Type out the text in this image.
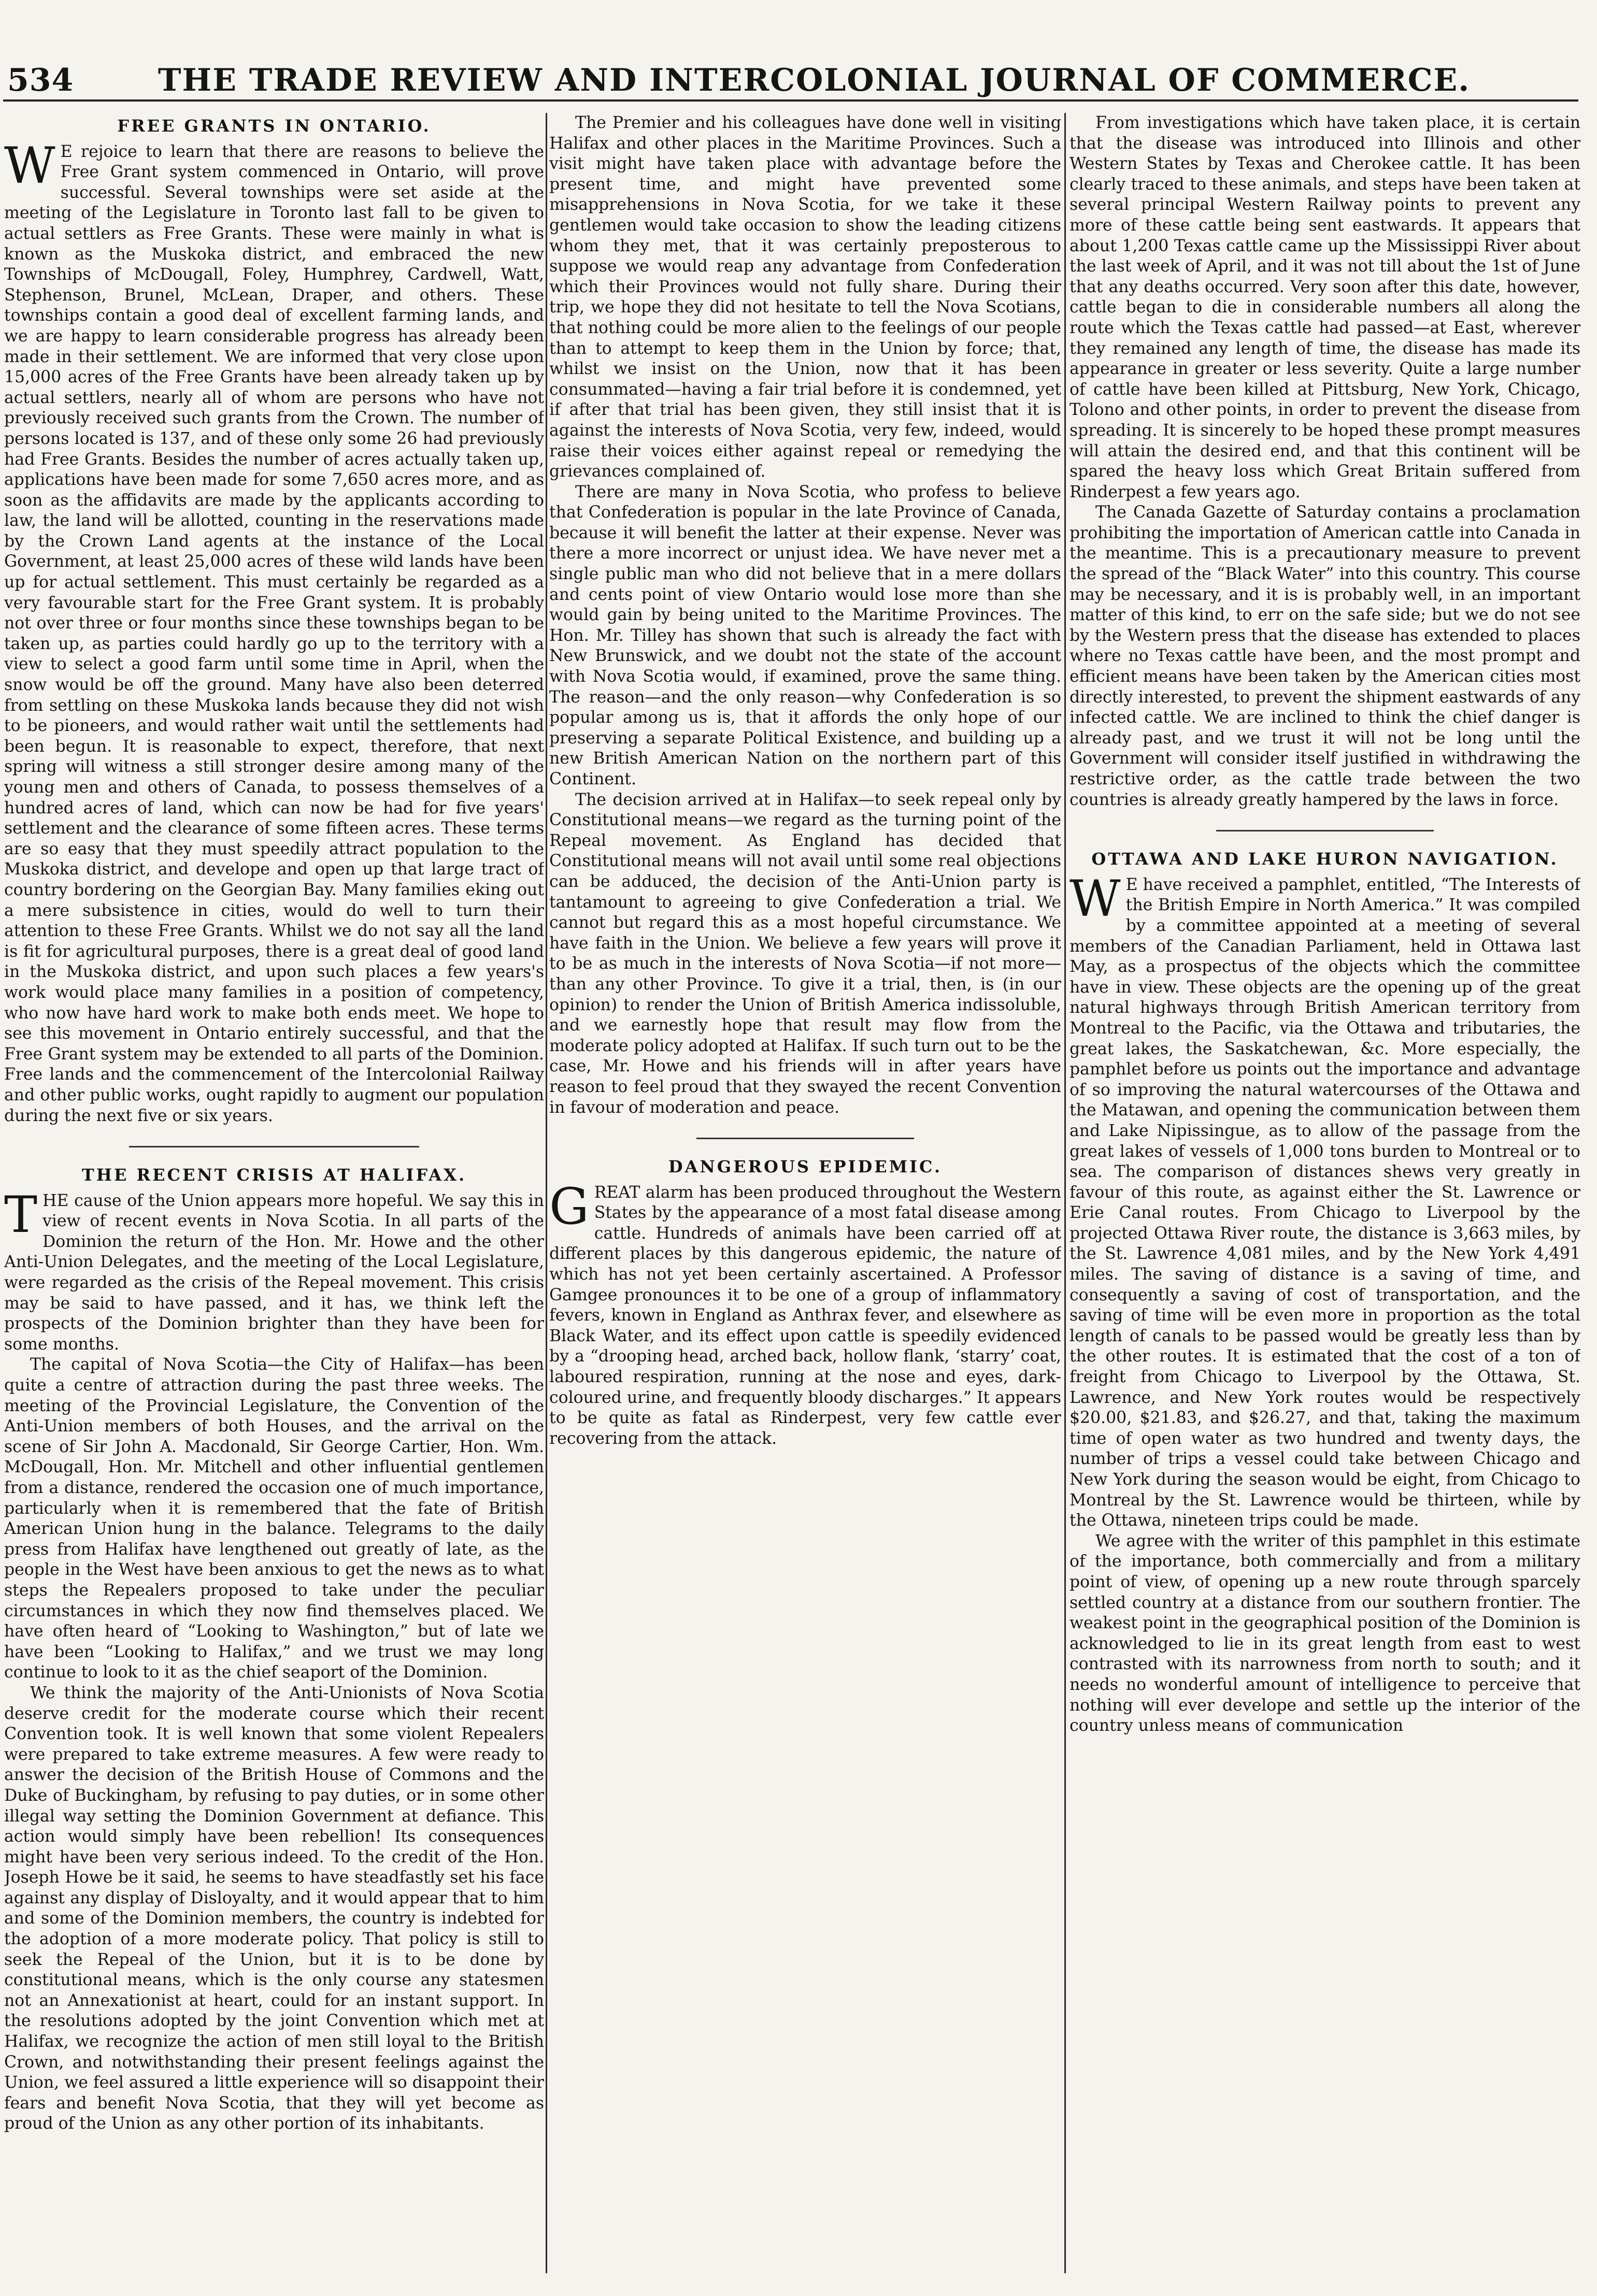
534	THE TRADE REVIEW AND INTERCOLONIAL JOURNAL OF COMMERCE.
FREE GRANTS IN ONTARIO.

W E rejoice to learn that there are reasons to believe the Free Grant system commenced in Ontario, will prove successful. Several townships were set aside at the meeting of the Legislature in Toronto last fall to be given to actual settlers as Free Grants. These were mainly in what is known as the Muskoka district, and embraced the new Townships of McDougall, Foley, Humphrey, Cardwell, Watt, Stephenson, Brunel, McLean, Draper, and others. These townships contain a good deal of excellent farming lands, and we are happy to learn considerable progress has already been made in their settlement. We are informed that very close upon 15,000 acres of the Free Grants have been already taken up by actual settlers, nearly all of whom are persons who have not previously received such grants from the Crown. The number of persons located is 137, and of these only some 26 had previously had Free Grants. Besides the number of acres actually taken up, applications have been made for some 7,650 acres more, and as soon as the affidavits are made by the applicants according to law, the land will be allotted, counting in the reservations made by the Crown Land agents at the instance of the Local Government, at least 25,000 acres of these wild lands have been up for actual settlement. This must certainly be regarded as a very favourable start for the Free Grant system. It is probably not over three or four months since these townships began to be taken up, as parties could hardly go up to the territory with a view to select a good farm until some time in April, when the snow would be off the ground. Many have also been deterred from settling on these Muskoka lands because they did not wish to be pioneers, and would rather wait until the settlements had been begun. It is reasonable to expect, therefore, that next spring will witness a still stronger desire among many of the young men and others of Canada, to possess themselves of a hundred acres of land, which can now be had for five years' settlement and the clearance of some fifteen acres. These terms are so easy that they must speedily attract population to the Muskoka district, and develope and open up that large tract of country bordering on the Georgian Bay. Many families eking out a mere subsistence in cities, would do well to turn their attention to these Free Grants. Whilst we do not say all the land is fit for agricultural purposes, there is a great deal of good land in the Muskoka district, and upon such places a few years's work would place many families in a position of competency, who now have hard work to make both ends meet. We hope to see this movement in Ontario entirely successful, and that the Free Grant system may be extended to all parts of the Dominion. Free lands and the commencement of the Intercolonial Railway and other public works, ought rapidly to augment our population during the next five or six years.

THE RECENT CRISIS AT HALIFAX.

THE cause of the Union appears more hopeful. We say this in view of recent events in Nova Scotia. In all parts of the Dominion the return of the Hon. Mr. Howe and the other Anti-Union Delegates, and the meeting of the Local Legislature, were regarded as the crisis of the Repeal movement. This crisis may be said to have passed, and it has, we think left the prospects of the Dominion brighter than they have been for some months.

The capital of Nova Scotia—the City of Halifax—has been quite a centre of attraction during the past three weeks. The meeting of the Provincial Legislature, the Convention of the Anti-Union members of both Houses, and the arrival on the scene of Sir John A. Macdonald, Sir George Cartier, Hon. Wm. McDougall, Hon. Mr. Mitchell and other influential gentlemen from a distance, rendered the occasion one of much importance, particularly when it is remembered that the fate of British American Union hung in the balance. Telegrams to the daily press from Halifax have lengthened out greatly of late, as the people in the West have been anxious to get the news as to what steps the Repealers proposed to take under the peculiar circumstances in which they now find themselves placed. We have often heard of “Looking to Washington,” but of late we have been “Looking to Halifax,” and we trust we may long continue to look to it as the chief seaport of the Dominion.

We think the majority of the Anti-Unionists of Nova Scotia deserve credit for the moderate course which their recent Convention took. It is well known that some violent Repealers were prepared to take extreme measures. A few were ready to answer the decision of the British House of Commons and the Duke of Buckingham, by refusing to pay duties, or in some other illegal way setting the Dominion Government at defiance. This action would simply have been rebellion! Its consequences might have been very serious indeed. To the credit of the Hon. Joseph Howe be it said, he seems to have steadfastly set his face against any display of Disloyalty, and it would appear that to him and some of the Dominion members, the country is indebted for the adoption of a more moderate policy. That policy is still to seek the Repeal of the Union, but it is to be done by constitutional means, which is the only course any statesmen not an Annexationist at heart, could for an instant support. In the resolutions adopted by the joint Convention which met at Halifax, we recognize the action of men still loyal to the British Crown, and notwithstanding their present feelings against the Union, we feel assured a little experience will so disappoint their fears and benefit Nova Scotia, that they will yet become as proud of the Union as any other portion of its inhabitants.

The Premier and his colleagues have done well in visiting Halifax and other places in the Maritime Provinces. Such a visit might have taken place with advantage before the present time, and might have prevented some misapprehensions in Nova Scotia, for we take it these gentlemen would take occasion to show the leading citizens whom they met, that it was certainly preposterous to suppose we would reap any advantage from Confederation which their Provinces would not fully share. During their trip, we hope they did not hesitate to tell the Nova Scotians, that nothing could be more alien to the feelings of our people than to attempt to keep them in the Union by force; that, whilst we insist on the Union, now that it has been consummated—having a fair trial before it is condemned, yet if after that trial has been given, they still insist that it is against the interests of Nova Scotia, very few, indeed, would raise their voices either against repeal or remedying the grievances complained of.

There are many in Nova Scotia, who profess to believe that Confederation is popular in the late Province of Canada, because it will benefit the latter at their expense. Never was there a more incorrect or unjust idea. We have never met a single public man who did not believe that in a mere dollars and cents point of view Ontario would lose more than she would gain by being united to the Maritime Provinces. The Hon. Mr. Tilley has shown that such is already the fact with New Brunswick, and we doubt not the state of the account with Nova Scotia would, if examined, prove the same thing. The reason—and the only reason—why Confederation is so popular among us is, that it affords the only hope of our preserving a separate Political Existence, and building up a new British American Nation on the northern part of this Continent.

The decision arrived at in Halifax—to seek repeal only by Constitutional means—we regard as the turning point of the Repeal movement. As England has decided that Constitutional means will not avail until some real objections can be adduced, the decision of the Anti-Union party is tantamount to agreeing to give Confederation a trial. We cannot but regard this as a most hopeful circumstance. We have faith in the Union. We believe a few years will prove it to be as much in the interests of Nova Scotia—if not more—than any other Province. To give it a trial, then, is (in our opinion) to render the Union of British America indissoluble, and we earnestly hope that result may flow from the moderate policy adopted at Halifax. If such turn out to be the case, Mr. Howe and his friends will in after years have reason to feel proud that they swayed the recent Convention in favour of moderation and peace.

DANGEROUS EPIDEMIC.

GREAT alarm has been produced throughout the Western States by the appearance of a most fatal disease among cattle. Hundreds of animals have been carried off at different places by this dangerous epidemic, the nature of which has not yet been certainly ascertained. A Professor Gamgee pronounces it to be one of a group of inflammatory fevers, known in England as Anthrax fever, and elsewhere as Black Water, and its effect upon cattle is speedily evidenced by a “drooping head, arched back, hollow flank, ‘starry’ coat, laboured respiration, running at the nose and eyes, dark-coloured urine, and frequently bloody discharges.” It appears to be quite as fatal as Rinderpest, very few cattle ever recovering from the attack.

From investigations which have taken place, it is certain that the disease was introduced into Illinois and other Western States by Texas and Cherokee cattle. It has been clearly traced to these animals, and steps have been taken at several principal Western Railway points to prevent any more of these cattle being sent eastwards. It appears that about 1,200 Texas cattle came up the Mississippi River about the last week of April, and it was not till about the 1st of June that any deaths occurred. Very soon after this date, however, cattle began to die in considerable numbers all along the route which the Texas cattle had passed—at East, wherever they remained any length of time, the disease has made its appearance in greater or less severity. Quite a large number of cattle have been killed at Pittsburg, New York, Chicago, Tolono and other points, in order to prevent the disease from spreading. It is sincerely to be hoped these prompt measures will attain the desired end, and that this continent will be spared the heavy loss which Great Britain suffered from Rinderpest a few years ago.

The Canada Gazette of Saturday contains a proclamation prohibiting the importation of American cattle into Canada in the meantime. This is a precautionary measure to prevent the spread of the “Black Water” into this country. This course may be necessary, and it is is probably well, in an important matter of this kind, to err on the safe side; but we do not see by the Western press that the disease has extended to places where no Texas cattle have been, and the most prompt and efficient means have been taken by the American cities most directly interested, to prevent the shipment eastwards of any infected cattle. We are inclined to think the chief danger is already past, and we trust it will not be long until the Government will consider itself justified in withdrawing the restrictive order, as the cattle trade between the two countries is already greatly hampered by the laws in force.

OTTAWA AND LAKE HURON NAVIGATION.

W E have received a pamphlet, entitled, “The Interests of the British Empire in North America.” It was compiled by a committee appointed at a meeting of several members of the Canadian Parliament, held in Ottawa last May, as a prospectus of the objects which the committee have in view. These objects are the opening up of the great natural highways through British American territory from Montreal to the Pacific, via the Ottawa and tributaries, the great lakes, the Saskatchewan, &c. More especially, the pamphlet before us points out the importance and advantage of so improving the natural watercourses of the Ottawa and the Matawan, and opening the communication between them and Lake Nipissingue, as to allow of the passage from the great lakes of vessels of 1,000 tons burden to Montreal or to sea. The comparison of distances shews very greatly in favour of this route, as against either the St. Lawrence or Erie Canal routes. From Chicago to Liverpool by the projected Ottawa River route, the distance is 3,663 miles, by the St. Lawrence 4,081 miles, and by the New York 4,491 miles. The saving of distance is a saving of time, and consequently a saving of cost of transportation, and the saving of time will be even more in proportion as the total length of canals to be passed would be greatly less than by the other routes. It is estimated that the cost of a ton of freight from Chicago to Liverpool by the Ottawa, St. Lawrence, and New York routes would be respectively $20.00, $21.83, and $26.27, and that, taking the maximum time of open water as two hundred and twenty days, the number of trips a vessel could take between Chicago and New York during the season would be eight, from Chicago to Montreal by the St. Lawrence would be thirteen, while by the Ottawa, nineteen trips could be made.

We agree with the writer of this pamphlet in this estimate of the importance, both commercially and from a military point of view, of opening up a new route through sparcely settled country at a distance from our southern frontier. The weakest point in the geographical position of the Dominion is acknowledged to lie in its great length from east to west contrasted with its narrowness from north to south; and it needs no wonderful amount of intelligence to perceive that nothing will ever develope and settle up the interior of the country unless means of communication
